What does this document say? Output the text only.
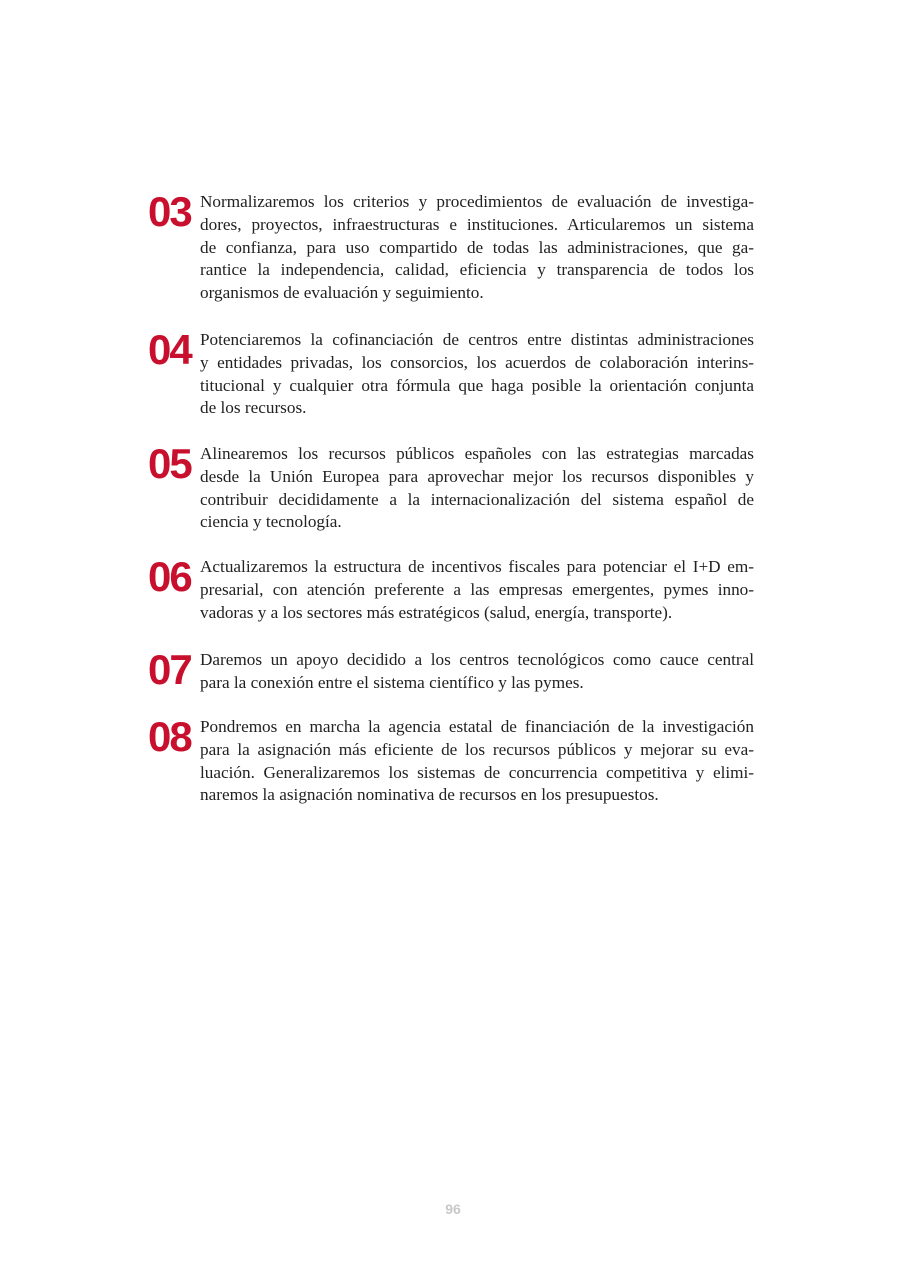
03 Normalizaremos los criterios y procedimientos de evaluación de investiga-
dores, proyectos, infraestructuras e instituciones. Articularemos un sistema
de confianza, para uso compartido de todas las administraciones, que ga-
rantice la independencia, calidad, eficiencia y transparencia de todos los
organismos de evaluación y seguimiento.
04 Potenciaremos la cofinanciación de centros entre distintas administraciones
y entidades privadas, los consorcios, los acuerdos de colaboración interins-
titucional y cualquier otra fórmula que haga posible la orientación conjunta
de los recursos.
05 Alinearemos los recursos públicos españoles con las estrategias marcadas
desde la Unión Europea para aprovechar mejor los recursos disponibles y
contribuir decididamente a la internacionalización del sistema español de
ciencia y tecnología.
06 Actualizaremos la estructura de incentivos fiscales para potenciar el I+D em-
presarial, con atención preferente a las empresas emergentes, pymes inno-
vadoras y a los sectores más estratégicos (salud, energía, transporte).
07 Daremos un apoyo decidido a los centros tecnológicos como cauce central
para la conexión entre el sistema científico y las pymes.
08 Pondremos en marcha la agencia estatal de financiación de la investigación
para la asignación más eficiente de los recursos públicos y mejorar su eva-
luación. Generalizaremos los sistemas de concurrencia competitiva y elimi-
naremos la asignación nominativa de recursos en los presupuestos.
96
